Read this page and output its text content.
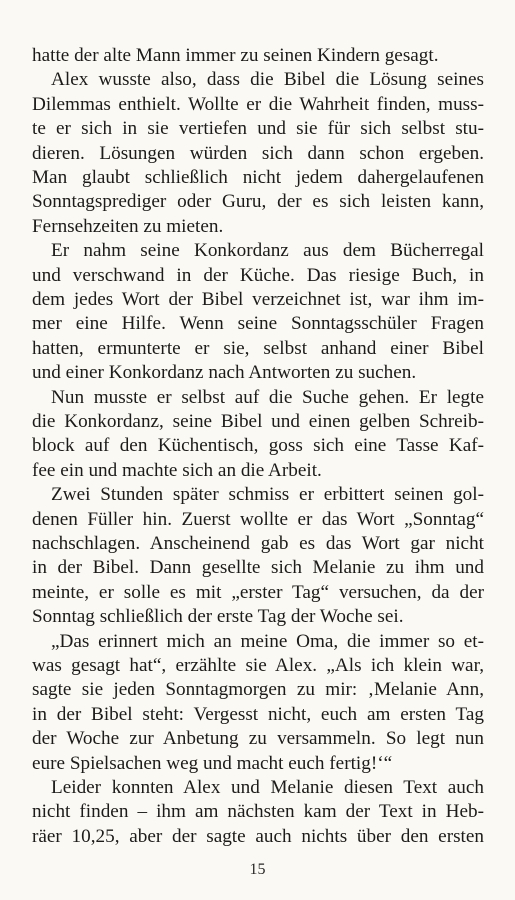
hatte der alte Mann immer zu seinen Kindern gesagt.
Alex wusste also, dass die Bibel die Lösung seines
Dilemmas enthielt. Wollte er die Wahrheit finden, muss-
te er sich in sie vertiefen und sie für sich selbst stu-
dieren. Lösungen würden sich dann schon ergeben.
Man glaubt schließlich nicht jedem dahergelaufenen
Sonntagsprediger oder Guru, der es sich leisten kann,
Fernsehzeiten zu mieten.
Er nahm seine Konkordanz aus dem Bücherregal
und verschwand in der Küche. Das riesige Buch, in
dem jedes Wort der Bibel verzeichnet ist, war ihm im-
mer eine Hilfe. Wenn seine Sonntagsschüler Fragen
hatten, ermunterte er sie, selbst anhand einer Bibel
und einer Konkordanz nach Antworten zu suchen.
Nun musste er selbst auf die Suche gehen. Er legte
die Konkordanz, seine Bibel und einen gelben Schreib-
block auf den Küchentisch, goss sich eine Tasse Kaf-
fee ein und machte sich an die Arbeit.
Zwei Stunden später schmiss er erbittert seinen gol-
denen Füller hin. Zuerst wollte er das Wort „Sonntag“
nachschlagen. Anscheinend gab es das Wort gar nicht
in der Bibel. Dann gesellte sich Melanie zu ihm und
meinte, er solle es mit „erster Tag“ versuchen, da der
Sonntag schließlich der erste Tag der Woche sei.
„Das erinnert mich an meine Oma, die immer so et-
was gesagt hat“, erzählte sie Alex. „Als ich klein war,
sagte sie jeden Sonntagmorgen zu mir: ‚Melanie Ann,
in der Bibel steht: Vergesst nicht, euch am ersten Tag
der Woche zur Anbetung zu versammeln. So legt nun
eure Spielsachen weg und macht euch fertig!‘“
Leider konnten Alex und Melanie diesen Text auch
nicht finden – ihm am nächsten kam der Text in Heb-
räer 10,25, aber der sagte auch nichts über den ersten
15
